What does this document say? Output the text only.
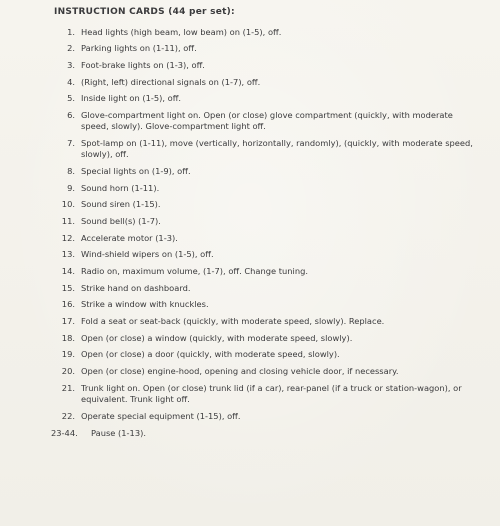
INSTRUCTION CARDS (44 per set):
1. Head lights (high beam, low beam) on (1-5), off.
2. Parking lights on (1-11), off.
3. Foot-brake lights on (1-3), off.
4. (Right, left) directional signals on (1-7), off.
5. Inside light on (1-5), off.
6. Glove-compartment light on. Open (or close) glove compartment (quickly, with moderate speed, slowly). Glove-compartment light off.
7. Spot-lamp on (1-11), move (vertically, horizontally, randomly), (quickly, with moderate speed, slowly), off.
8. Special lights on (1-9), off.
9. Sound horn (1-11).
10. Sound siren (1-15).
11. Sound bell(s) (1-7).
12. Accelerate motor (1-3).
13. Wind-shield wipers on (1-5), off.
14. Radio on, maximum volume, (1-7), off. Change tuning.
15. Strike hand on dashboard.
16. Strike a window with knuckles.
17. Fold a seat or seat-back (quickly, with moderate speed, slowly). Replace.
18. Open (or close) a window (quickly, with moderate speed, slowly).
19. Open (or close) a door (quickly, with moderate speed, slowly).
20. Open (or close) engine-hood, opening and closing vehicle door, if necessary.
21. Trunk light on. Open (or close) trunk lid (if a car), rear-panel (if a truck or station-wagon), or equivalent. Trunk light off.
22. Operate special equipment (1-15), off.
23-44.	Pause (1-13).
